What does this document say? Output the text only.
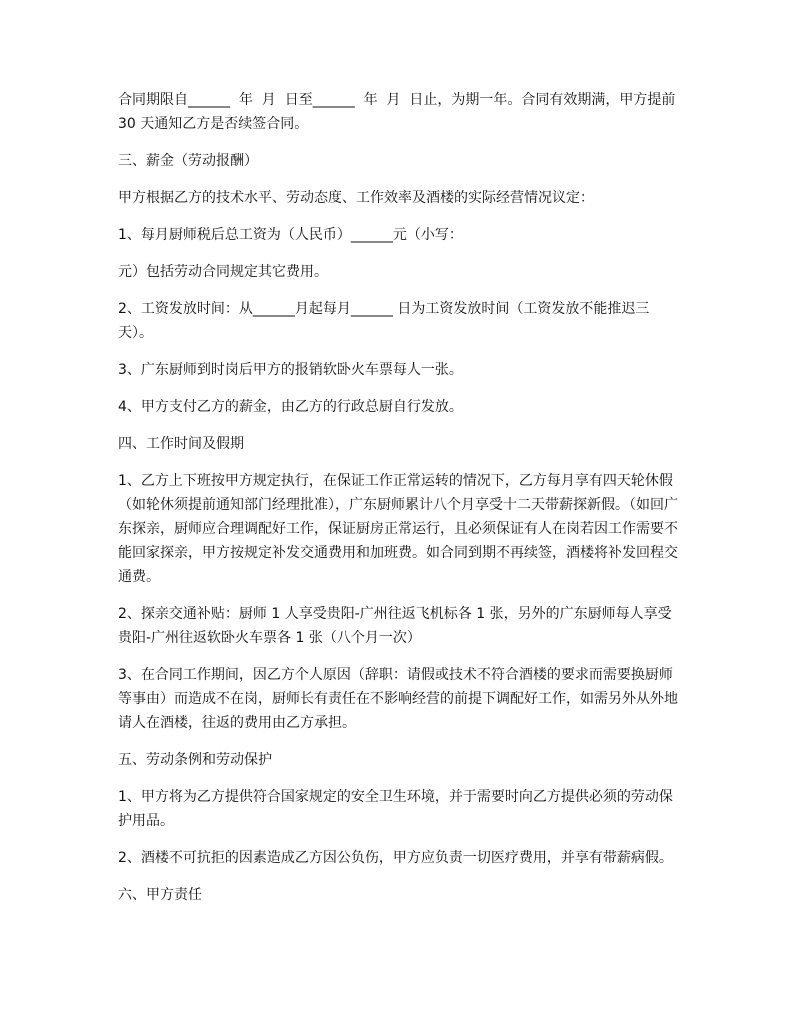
合同期限自______  年  月  日至______  年  月  日止，为期一年。合同有效期满，甲方提前 30 天通知乙方是否续签合同。

三、薪金（劳动报酬）

甲方根据乙方的技术水平、劳动态度、工作效率及酒楼的实际经营情况议定：

1、每月厨师税后总工资为（人民币）______元（小写：

元）包括劳动合同规定其它费用。

2、工资发放时间：从______月起每月______ 日为工资发放时间（工资发放不能推迟三天）。

3、广东厨师到时岗后甲方的报销软卧火车票每人一张。

4、甲方支付乙方的薪金，由乙方的行政总厨自行发放。

四、工作时间及假期

1、乙方上下班按甲方规定执行，在保证工作正常运转的情况下，乙方每月享有四天轮休假（如轮休须提前通知部门经理批准），广东厨师累计八个月享受十二天带薪探新假。（如回广东探亲，厨师应合理调配好工作，保证厨房正常运行，且必须保证有人在岗若因工作需要不能回家探亲，甲方按规定补发交通费用和加班费。如合同到期不再续签，酒楼将补发回程交通费。

2、探亲交通补贴：厨师 1 人享受贵阳-广州往返飞机标各 1 张，另外的广东厨师每人享受贵阳-广州往返软卧火车票各 1 张（八个月一次）

3、在合同工作期间，因乙方个人原因（辞职：请假或技术不符合酒楼的要求而需要换厨师等事由）而造成不在岗，厨师长有责任在不影响经营的前提下调配好工作，如需另外从外地请人在酒楼，往返的费用由乙方承担。

五、劳动条例和劳动保护

1、甲方将为乙方提供符合国家规定的安全卫生环境，并于需要时向乙方提供必须的劳动保护用品。

2、酒楼不可抗拒的因素造成乙方因公负伤，甲方应负责一切医疗费用，并享有带薪病假。

六、甲方责任
